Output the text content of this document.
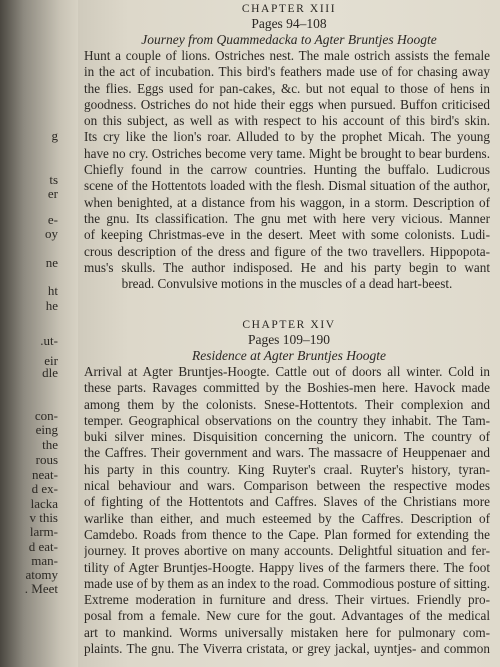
g
ts
er
e-
oy
ne
ht
he
.ut-
eir
dle
con-
eing
the
rous
neat-
d ex-
lacka
v this
larm-
d eat-
man-
atomy
. Meet
CHAPTER XIII
Pages 94–108
Journey from Quammedacka to Agter Bruntjes Hoogte
Hunt a couple of lions. Ostriches nest. The male ostrich assists the female
in the act of incubation. This bird's feathers made use of for chasing away
the flies. Eggs used for pan-cakes, &c. but not equal to those of hens in
goodness. Ostriches do not hide their eggs when pursued. Buffon criticised
on this subject, as well as with respect to his account of this bird's skin.
Its cry like the lion's roar. Alluded to by the prophet Micah. The young
have no cry. Ostriches become very tame. Might be brought to bear burdens.
Chiefly found in the carrow countries. Hunting the buffalo. Ludicrous
scene of the Hottentots loaded with the flesh. Dismal situation of the author,
when benighted, at a distance from his waggon, in a storm. Description of
the gnu. Its classification. The gnu met with here very vicious. Manner
of keeping Christmas-eve in the desert. Meet with some colonists. Ludi-
crous description of the dress and figure of the two travellers. Hippopota-
mus's skulls. The author indisposed. He and his party begin to want
bread. Convulsive motions in the muscles of a dead hart-beest.
CHAPTER XIV
Pages 109–190
Residence at Agter Bruntjes Hoogte
Arrival at Agter Bruntjes-Hoogte. Cattle out of doors all winter. Cold in
these parts. Ravages committed by the Boshies-men here. Havock made
among them by the colonists. Snese-Hottentots. Their complexion and
temper. Geographical observations on the country they inhabit. The Tam-
buki silver mines. Disquisition concerning the unicorn. The country of
the Caffres. Their government and wars. The massacre of Heuppenaer and
his party in this country. King Ruyter's craal. Ruyter's history, tyran-
nical behaviour and wars. Comparison between the respective modes
of fighting of the Hottentots and Caffres. Slaves of the Christians more
warlike than either, and much esteemed by the Caffres. Description of
Camdebo. Roads from thence to the Cape. Plan formed for extending the
journey. It proves abortive on many accounts. Delightful situation and fer-
tility of Agter Bruntjes-Hoogte. Happy lives of the farmers there. The foot
made use of by them as an index to the road. Commodious posture of sitting.
Extreme moderation in furniture and dress. Their virtues. Friendly pro-
posal from a female. New cure for the gout. Advantages of the medical
art to mankind. Worms universally mistaken here for pulmonary com-
plaints. The gnu. The Viverra cristata, or grey jackal, uyntjes- and common
